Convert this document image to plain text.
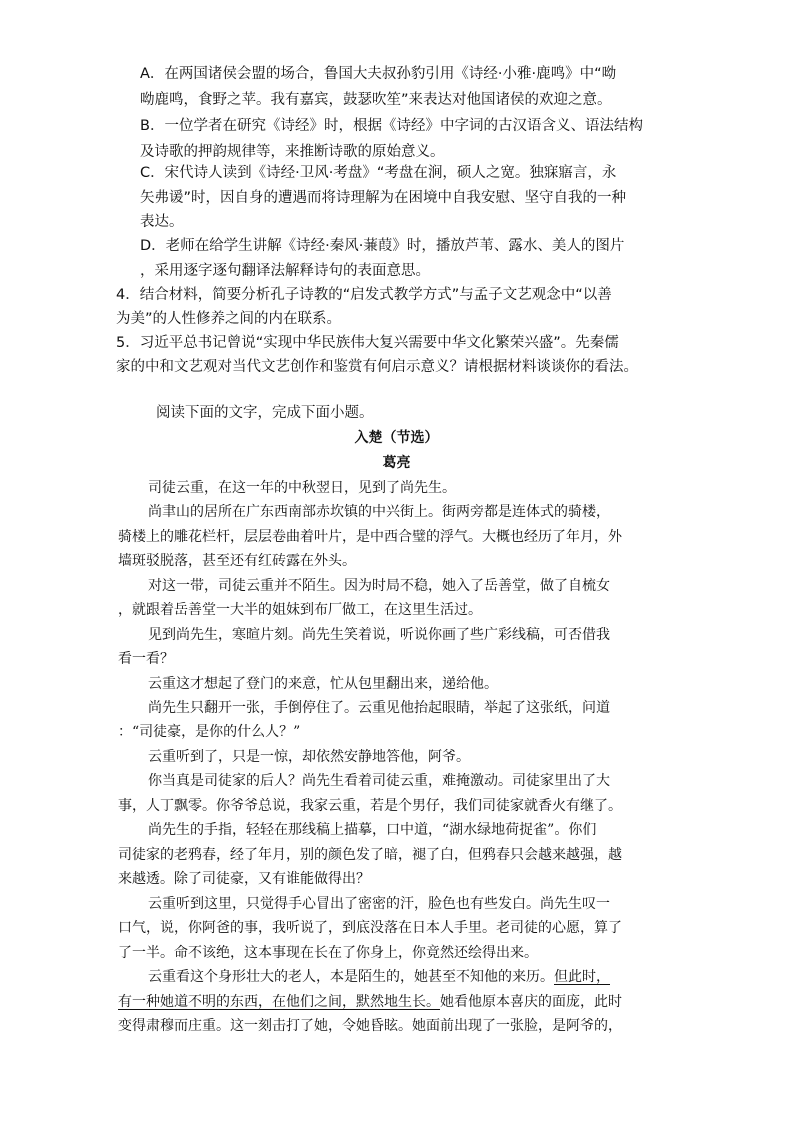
A．在两国诸侯会盟的场合，鲁国大夫叔孙豹引用《诗经·小雅·鹿鸣》中“呦
呦鹿鸣，食野之苹。我有嘉宾，鼓瑟吹笙”来表达对他国诸侯的欢迎之意。
B．一位学者在研究《诗经》时，根据《诗经》中字词的古汉语含义、语法结构
及诗歌的押韵规律等，来推断诗歌的原始意义。
C．宋代诗人读到《诗经·卫风·考盘》“考盘在涧，硕人之宽。独寐寤言，永
矢弗谖”时，因自身的遭遇而将诗理解为在困境中自我安慰、坚守自我的一种
表达。
D．老师在给学生讲解《诗经·秦风·蒹葭》时，播放芦苇、露水、美人的图片
，采用逐字逐句翻译法解释诗句的表面意思。
4．结合材料，简要分析孔子诗教的“启发式教学方式”与孟子文艺观念中“以善
为美”的人性修养之间的内在联系。
5．习近平总书记曾说“实现中华民族伟大复兴需要中华文化繁荣兴盛”。先秦儒
家的中和文艺观对当代文艺创作和鉴赏有何启示意义？请根据材料谈谈你的看法。
阅读下面的文字，完成下面小题。
入楚（节选）
葛亮
司徒云重，在这一年的中秋翌日，见到了尚先生。
尚聿山的居所在广东西南部赤坎镇的中兴街上。街两旁都是连体式的骑楼，
骑楼上的雕花栏杆，层层卷曲着叶片，是中西合璧的浮气。大概也经历了年月，外
墙斑驳脱落，甚至还有红砖露在外头。
对这一带，司徒云重并不陌生。因为时局不稳，她入了岳善堂，做了自梳女
，就跟着岳善堂一大半的姐妹到布厂做工，在这里生活过。
见到尚先生，寒暄片刻。尚先生笑着说，听说你画了些广彩线稿，可否借我
看一看？
云重这才想起了登门的来意，忙从包里翻出来，递给他。
尚先生只翻开一张，手倒停住了。云重见他抬起眼睛，举起了这张纸，问道
：“司徒豪，是你的什么人？”
云重听到了，只是一惊，却依然安静地答他，阿爷。
你当真是司徒家的后人？尚先生看着司徒云重，难掩激动。司徒家里出了大
事，人丁飘零。你爷爷总说，我家云重，若是个男仔，我们司徒家就香火有继了。
尚先生的手指，轻轻在那线稿上描摹，口中道，“湖水绿地荷捉雀”。你们
司徒家的老鸦春，经了年月，别的颜色发了暗，褪了白，但鸦春只会越来越强，越
来越透。除了司徒豪，又有谁能做得出？
云重听到这里，只觉得手心冒出了密密的汗，脸色也有些发白。尚先生叹一
口气，说，你阿爸的事，我听说了，到底没落在日本人手里。老司徒的心愿，算了
了一半。命不该绝，这本事现在长在了你身上，你竟然还绘得出来。
云重看这个身形壮大的老人，本是陌生的，她甚至不知他的来历。但此时，
有一种她道不明的东西，在他们之间，默然地生长。她看他原本喜庆的面庞，此时
变得肃穆而庄重。这一刻击打了她，令她昏眩。她面前出现了一张脸，是阿爷的，
